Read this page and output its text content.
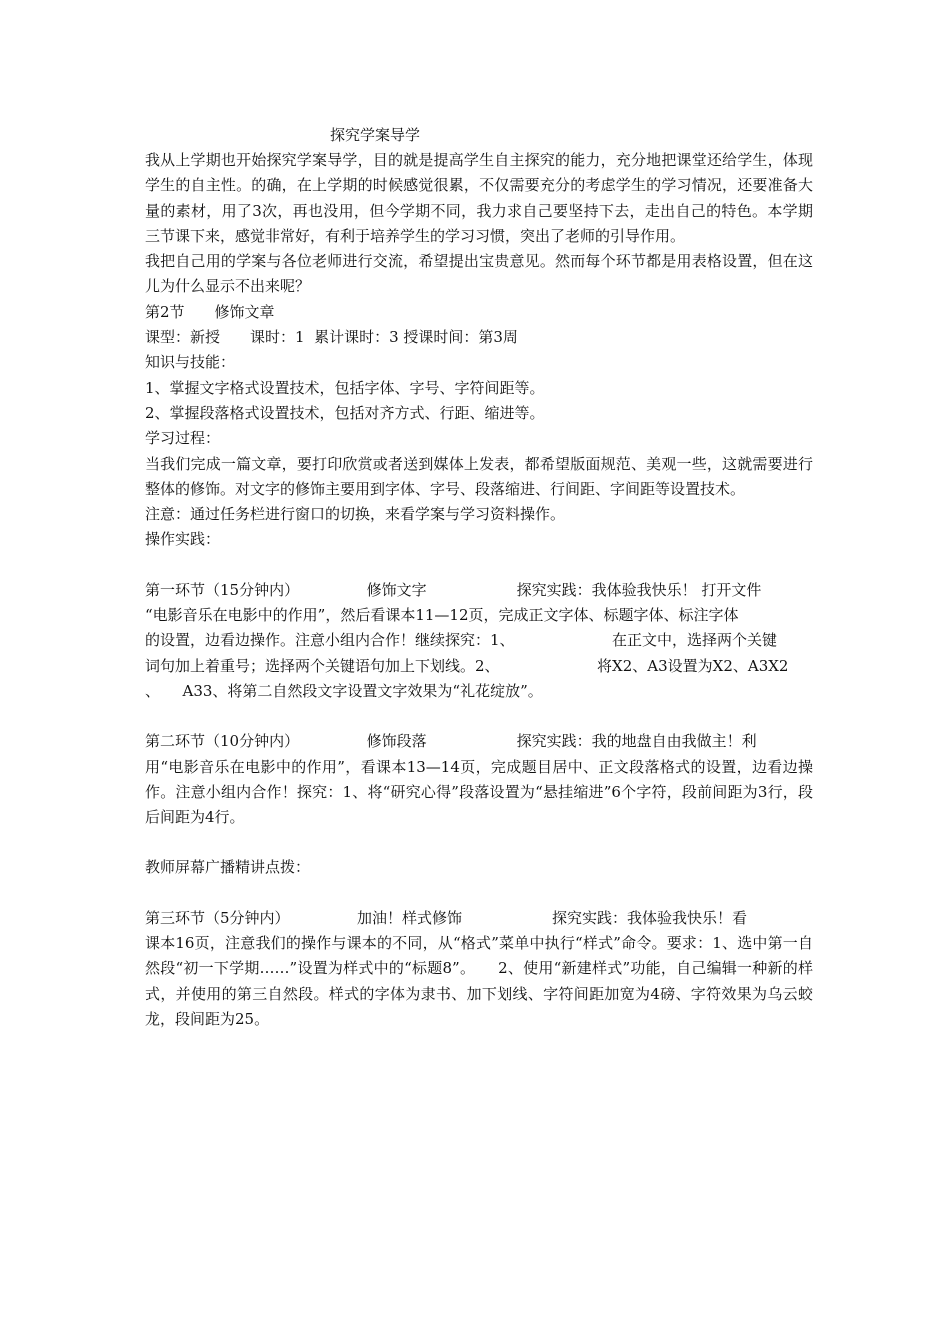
探究学案导学

我从上学期也开始探究学案导学，目的就是提高学生自主探究的能力，充分地把课堂还给学生，体现学生的自主性。的确，在上学期的时候感觉很累，不仅需要充分的考虑学生的学习情况，还要准备大量的素材，用了3次，再也没用，但今学期不同，我力求自己要坚持下去，走出自己的特色。本学期三节课下来，感觉非常好，有利于培养学生的学习习惯，突出了老师的引导作用。

我把自己用的学案与各位老师进行交流，希望提出宝贵意见。然而每个环节都是用表格设置，但在这儿为什么显示不出来呢？

第2节　　修饰文章

课型：新授　　课时：1  累计课时：3 授课时间：第3周

知识与技能：

1、掌握文字格式设置技术，包括字体、字号、字符间距等。

2、掌握段落格式设置技术，包括对齐方式、行距、缩进等。

学习过程：

当我们完成一篇文章，要打印欣赏或者送到媒体上发表，都希望版面规范、美观一些，这就需要进行整体的修饰。对文字的修饰主要用到字体、字号、段落缩进、行间距、字间距等设置技术。

注意：通过任务栏进行窗口的切换，来看学案与学习资料操作。

操作实践：

第一环节（15分钟内）　　　　　修饰文字　　　　　　探究实践：我体验我快乐！ 打开文件

“电影音乐在电影中的作用”，然后看课本11—12页，完成正文字体、标题字体、标注字体

的设置，边看边操作。注意小组内合作！继续探究：1、　　　　　　　在正文中，选择两个关键

词句加上着重号；选择两个关键语句加上下划线。2、　　　　　　　将X2、A3设置为X2、A3X2

、　　A33、将第二自然段文字设置文字效果为“礼花绽放”。

第二环节（10分钟内）　　　　　修饰段落　　　　　　探究实践：我的地盘自由我做主！利

用“电影音乐在电影中的作用”，看课本13—14页，完成题目居中、正文段落格式的设置，边看边操作。注意小组内合作！探究：1、将“研究心得”段落设置为“悬挂缩进”6个字符，段前间距为3行，段后间距为4行。

教师屏幕广播精讲点拨：

第三环节（5分钟内）　　　　　加油！样式修饰　　　　　　探究实践：我体验我快乐！看

课本16页，注意我们的操作与课本的不同，从“格式”菜单中执行“样式”命令。要求：1、选中第一自然段“初一下学期……”设置为样式中的“标题8”。　　2、使用“新建样式”功能，自己编辑一种新的样式，并使用的第三自然段。样式的字体为隶书、加下划线、字符间距加宽为4磅、字符效果为乌云蛟龙，段间距为25。
